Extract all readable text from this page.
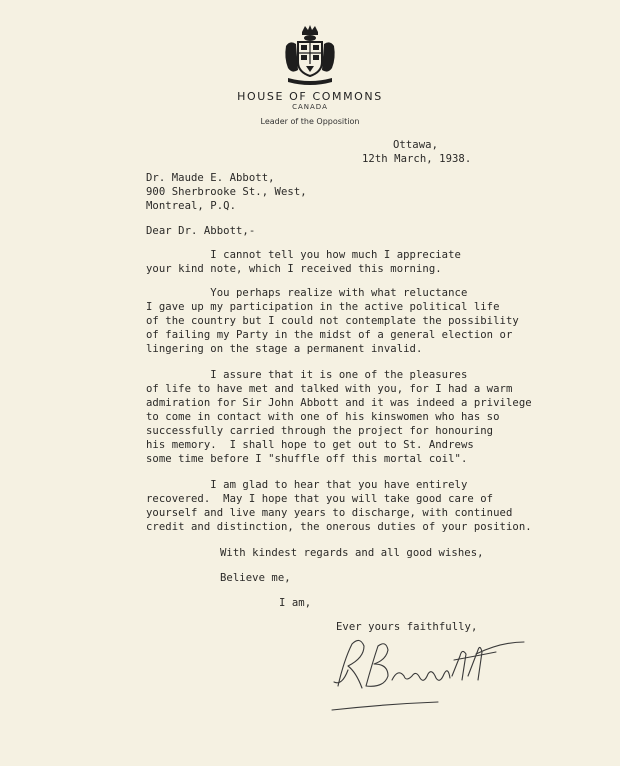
HOUSE OF COMMONS
CANADA
Leader of the Opposition
Ottawa,
12th March, 1938.
Dr. Maude E. Abbott,
900 Sherbrooke St., West,
Montreal, P.Q.
Dear Dr. Abbott,-
I cannot tell you how much I appreciate
your kind note, which I received this morning.
You perhaps realize with what reluctance
I gave up my participation in the active political life
of the country but I could not contemplate the possibility
of failing my Party in the midst of a general election or
lingering on the stage a permanent invalid.
I assure that it is one of the pleasures
of life to have met and talked with you, for I had a warm
admiration for Sir John Abbott and it was indeed a privilege
to come in contact with one of his kinswomen who has so
successfully carried through the project for honouring
his memory.  I shall hope to get out to St. Andrews
some time before I "shuffle off this mortal coil".
I am glad to hear that you have entirely
recovered.  May I hope that you will take good care of
yourself and live many years to discharge, with continued
credit and distinction, the onerous duties of your position.
With kindest regards and all good wishes,
Believe me,
I am,
Ever yours faithfully,
